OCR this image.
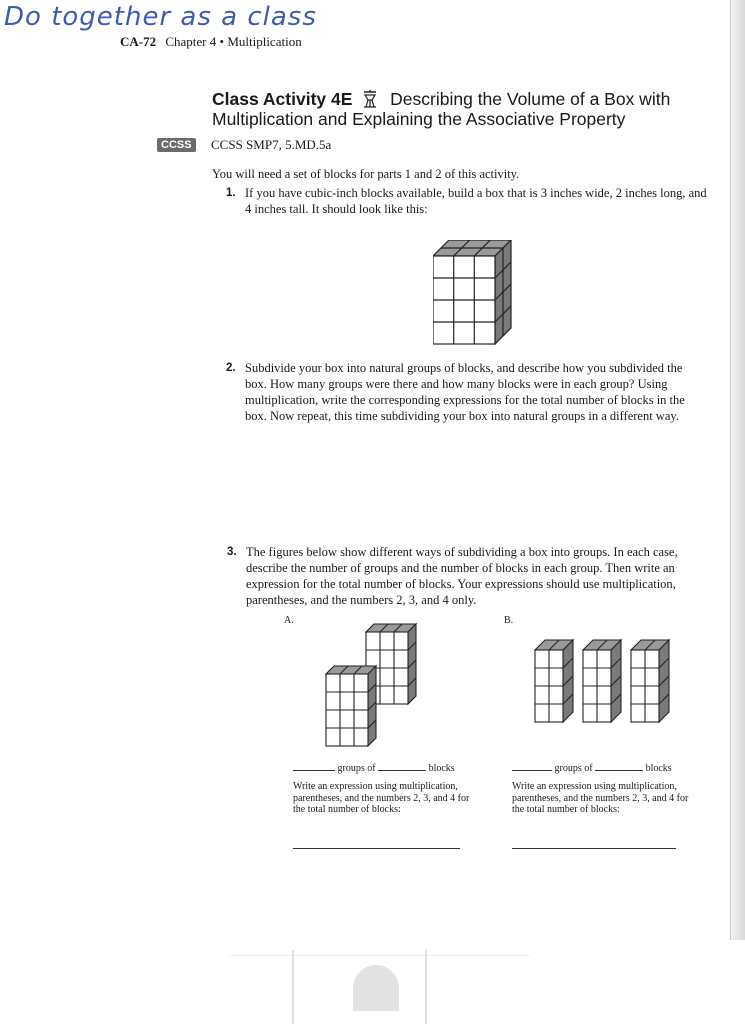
Do together as a class
CA-72 Chapter 4 • Multiplication
Class Activity 4E Describing the Volume of a Box with
Multiplication and Explaining the Associative Property
CCSS	CCSS SMP7, 5.MD.5a
You will need a set of blocks for parts 1 and 2 of this activity.
1. If you have cubic-inch blocks available, build a box that is 3 inches wide, 2 inches long, and 4 inches tall. It should look like this:
2. Subdivide your box into natural groups of blocks, and describe how you subdivided the box. How many groups were there and how many blocks were in each group? Using multiplication, write the corresponding expressions for the total number of blocks in the box. Now repeat, this time subdividing your box into natural groups in a different way.
3. The figures below show different ways of subdividing a box into groups. In each case, describe the number of groups and the number of blocks in each group. Then write an expression for the total number of blocks. Your expressions should use multiplication, parentheses, and the numbers 2, 3, and 4 only.
A.	B.
groups of	blocks
Write an expression using multiplication, parentheses, and the numbers 2, 3, and 4 for the total number of blocks:
groups of	blocks
Write an expression using multiplication, parentheses, and the numbers 2, 3, and 4 for the total number of blocks:
